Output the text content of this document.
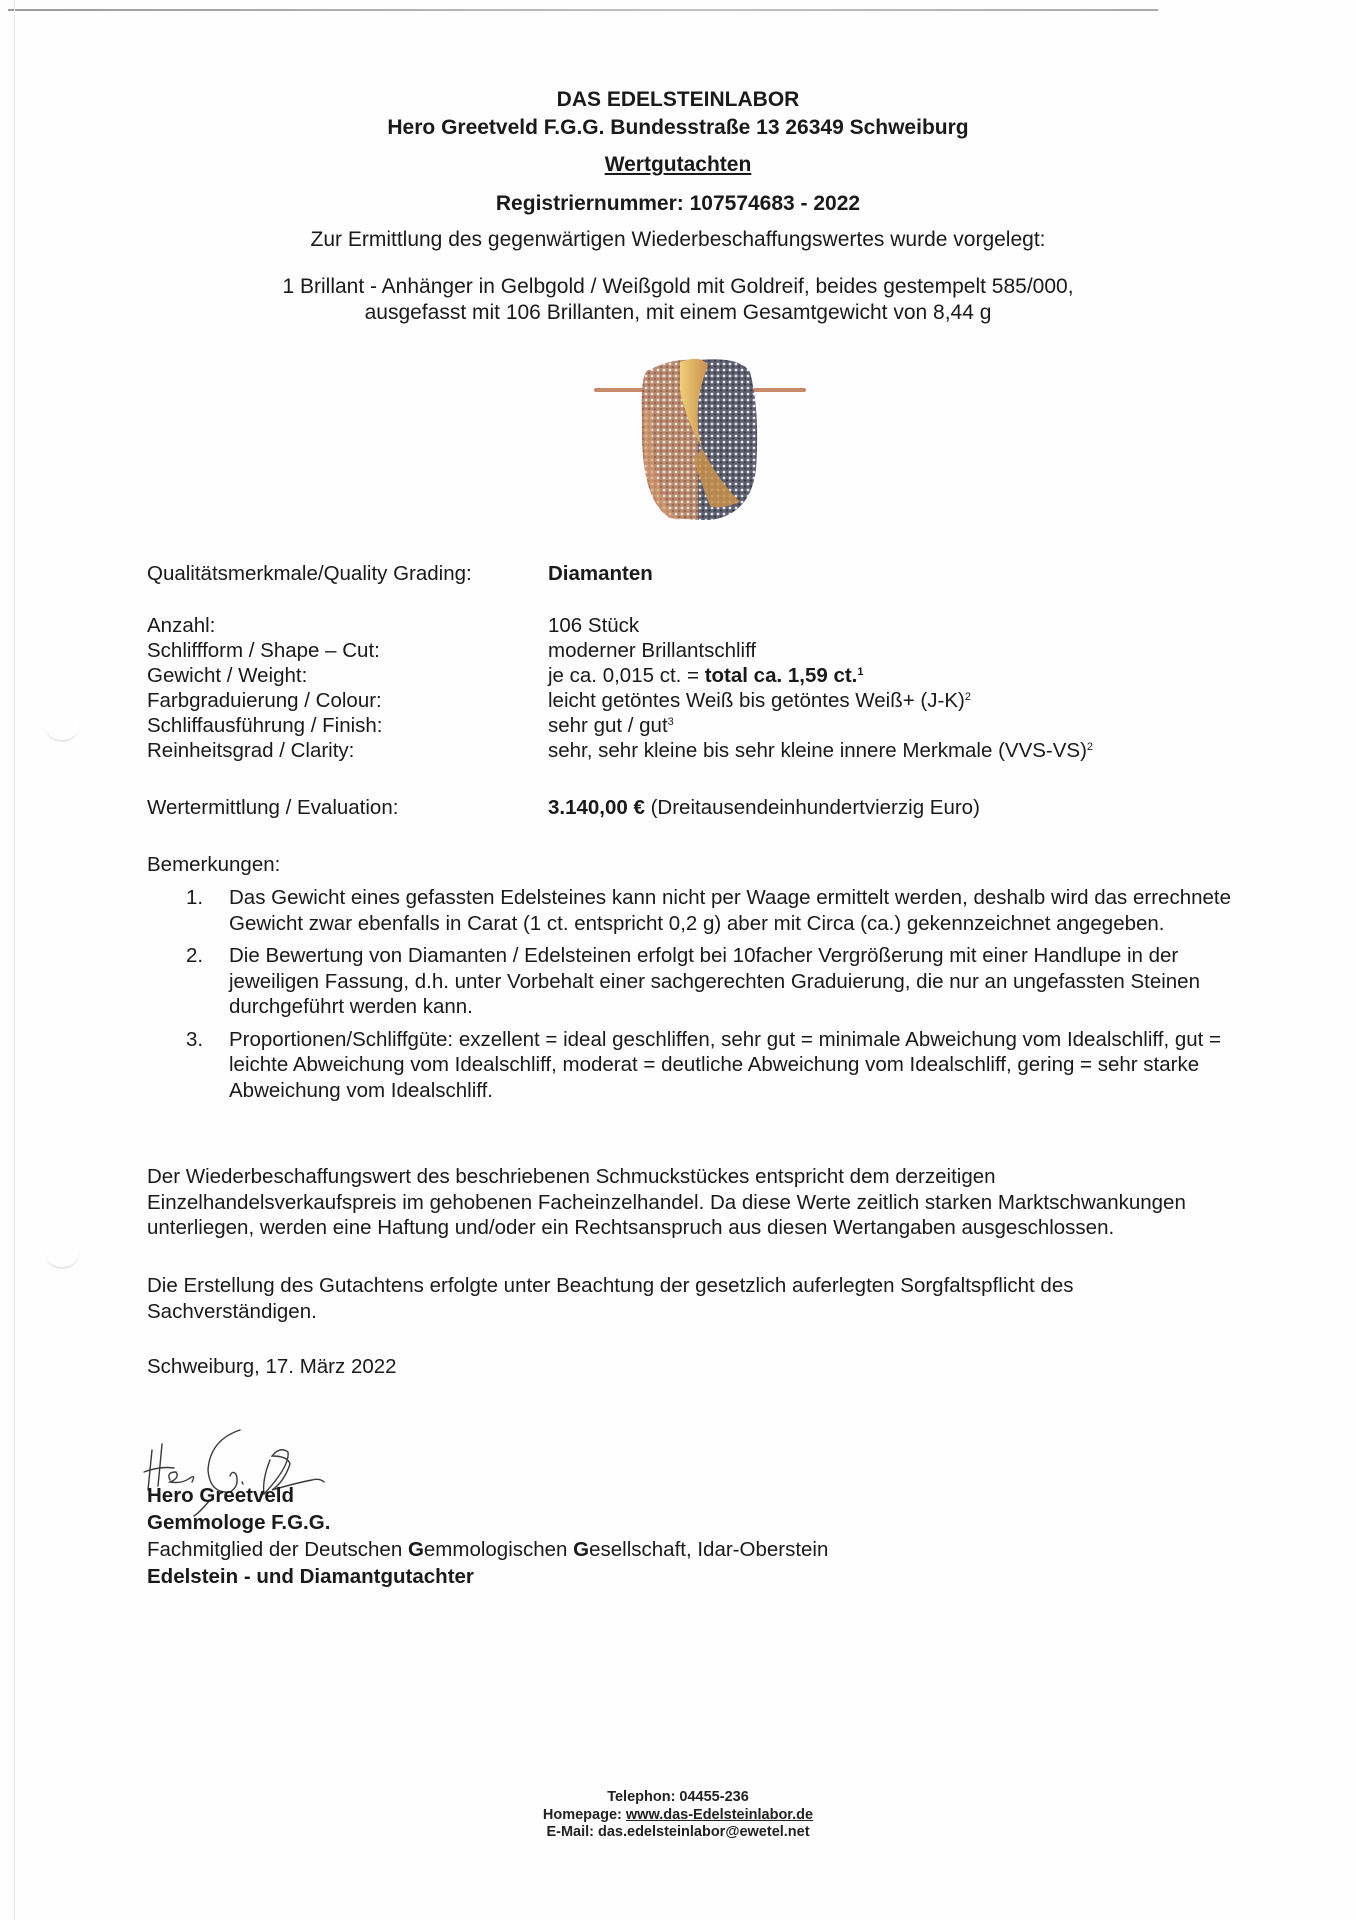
DAS EDELSTEINLABOR
Hero Greetveld F.G.G. Bundesstraße 13 26349 Schweiburg
Wertgutachten
Registriernummer: 107574683 - 2022
Zur Ermittlung des gegenwärtigen Wiederbeschaffungswertes wurde vorgelegt:
1 Brillant - Anhänger in Gelbgold / Weißgold mit Goldreif, beides gestempelt 585/000,
ausgefasst mit 106 Brillanten, mit einem Gesamtgewicht von 8,44 g
Qualitätsmerkmale/Quality Grading:	Diamanten
Anzahl:	106 Stück
Schliffform / Shape – Cut:	moderner Brillantschliff
Gewicht / Weight:	je ca. 0,015 ct. = total ca. 1,59 ct.$^1$
Farbgraduierung / Colour:	leicht getöntes Weiß bis getöntes Weiß+ $(J-K)^2$
Schliffausführung / Finish:	sehr gut / gut$^3$
Reinheitsgrad / Clarity:	sehr, sehr kleine bis sehr kleine innere Merkmale $(VVS-VS)^2$
Wertermittlung / Evaluation:	3.140,00 € (Dreitausendeinhundertvierzig Euro)
Bemerkungen:
1. Das Gewicht eines gefassten Edelsteines kann nicht per Waage ermittelt werden, deshalb wird das errechnete Gewicht zwar ebenfalls in Carat (1 ct. entspricht 0,2 g) aber mit Circa (ca.) gekennzeichnet angegeben.
2. Die Bewertung von Diamanten / Edelsteinen erfolgt bei 10facher Vergrößerung mit einer Handlupe in der jeweiligen Fassung, d.h. unter Vorbehalt einer sachgerechten Graduierung, die nur an ungefassten Steinen durchgeführt werden kann.
3. Proportionen/Schliffgüte: exzellent = ideal geschliffen, sehr gut = minimale Abweichung vom Idealschliff, gut = leichte Abweichung vom Idealschliff, moderat = deutliche Abweichung vom Idealschliff, gering = sehr starke Abweichung vom Idealschliff.
Der Wiederbeschaffungswert des beschriebenen Schmuckstückes entspricht dem derzeitigen Einzelhandelsverkaufspreis im gehobenen Facheinzelhandel. Da diese Werte zeitlich starken Marktschwankungen unterliegen, werden eine Haftung und/oder ein Rechtsanspruch aus diesen Wertangaben ausgeschlossen.
Die Erstellung des Gutachtens erfolgte unter Beachtung der gesetzlich auferlegten Sorgfaltspflicht des Sachverständigen.
Schweiburg, 17. März 2022
Hero Greetveld
Gemmologe F.G.G.
Fachmitglied der Deutschen Gemmologischen Gesellschaft, Idar-Oberstein
Edelstein - und Diamantgutachter
Telephon: 04455-236
Homepage: www.das-Edelsteinlabor.de
E-Mail: das.edelsteinlabor@ewetel.net
